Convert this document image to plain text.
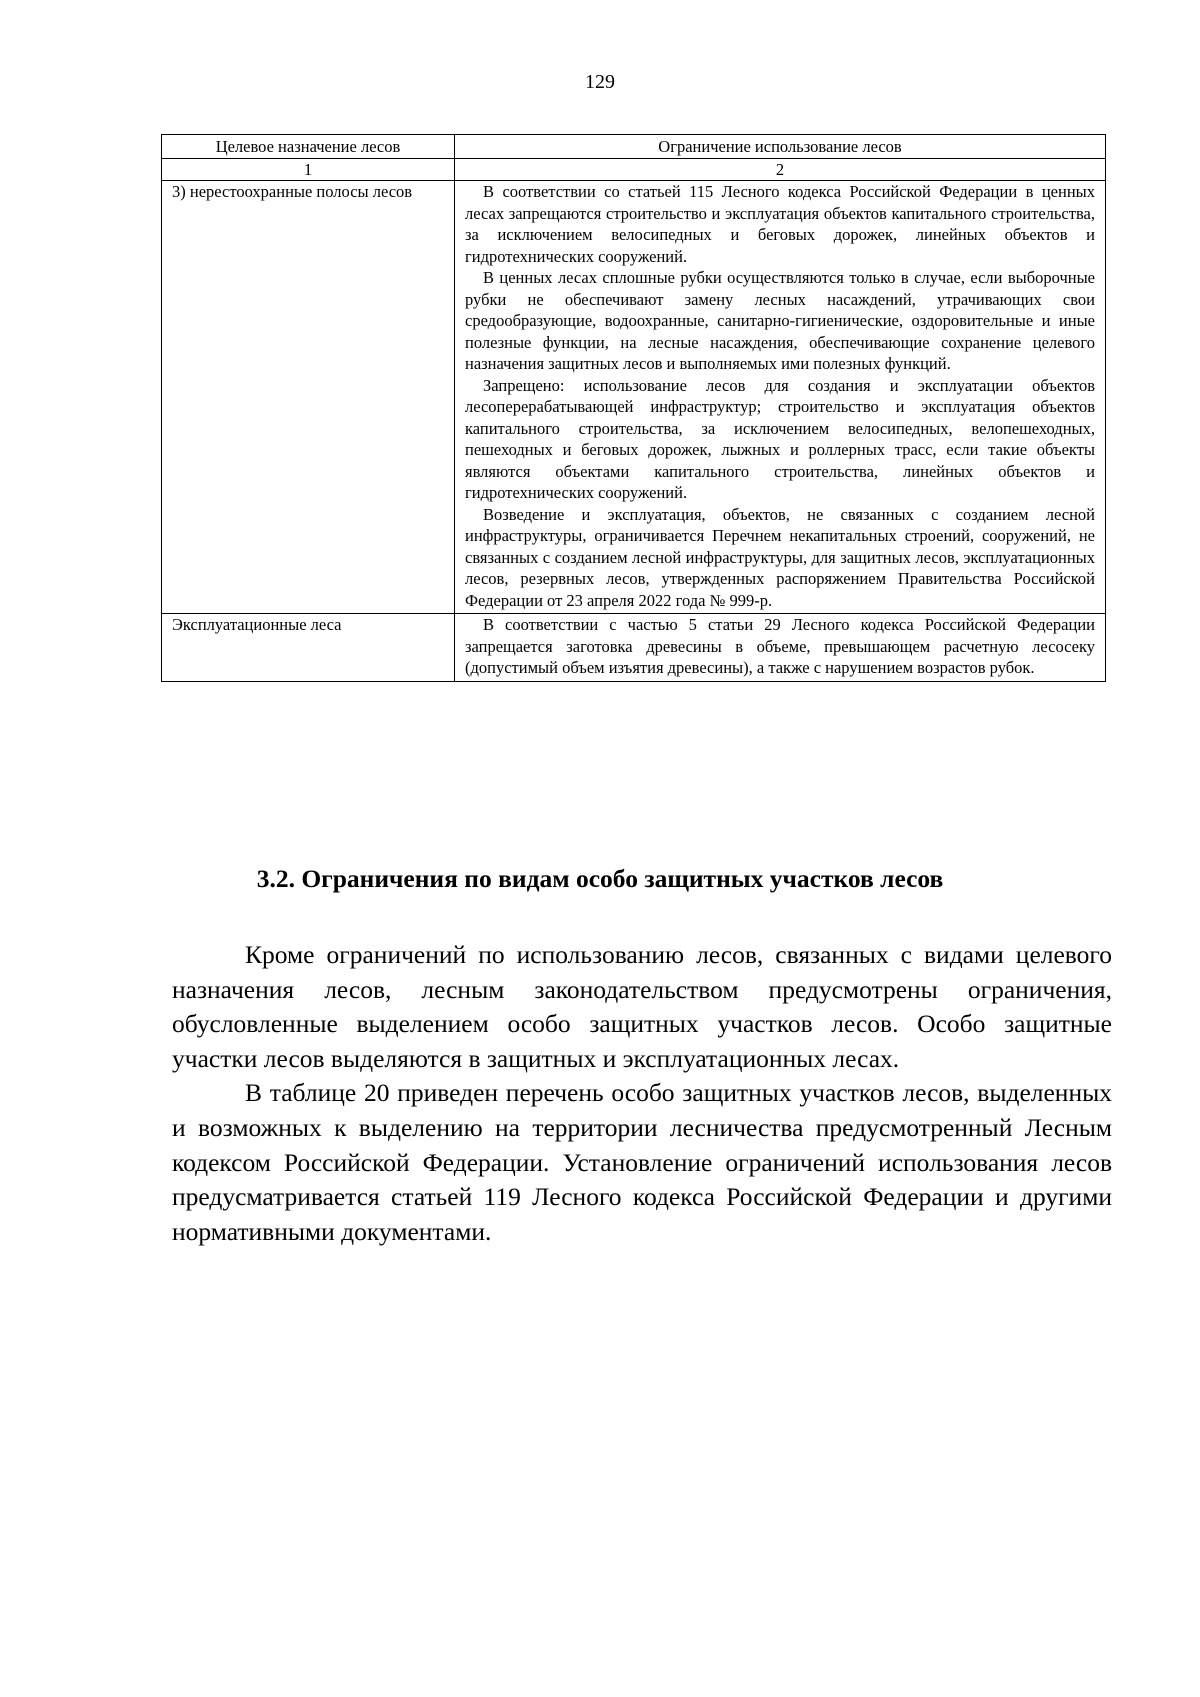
129
Целевое назначение лесов	Ограничение использование лесов
1	2
3) нерестоохранные полосы лесов	В соответствии со статьей 115 Лесного кодекса Российской Федерации в ценных лесах запрещаются строительство и эксплуатация объектов капитального строительства, за исключением велосипедных и беговых дорожек, линейных объектов и гидротехнических сооружений.

В ценных лесах сплошные рубки осуществляются только в случае, если выборочные рубки не обеспечивают замену лесных насаждений, утрачивающих свои средообразующие, водоохранные, санитарно-гигиенические, оздоровительные и иные полезные функции, на лесные насаждения, обеспечивающие сохранение целевого назначения защитных лесов и выполняемых ими полезных функций.

Запрещено: использование лесов для создания и эксплуатации объектов лесоперерабатывающей инфраструктур; строительство и эксплуатация объектов капитального строительства, за исключением велосипедных, велопешеходных, пешеходных и беговых дорожек, лыжных и роллерных трасс, если такие объекты являются объектами капитального строительства, линейных объектов и гидротехнических сооружений.

Возведение и эксплуатация, объектов, не связанных с созданием лесной инфраструктуры, ограничивается Перечнем некапитальных строений, сооружений, не связанных с созданием лесной инфраструктуры, для защитных лесов, эксплуатационных лесов, резервных лесов, утвержденных распоряжением Правительства Российской Федерации от 23 апреля 2022 года № 999-р.

Эксплуатационные леса	В соответствии с частью 5 статьи 29 Лесного кодекса Российской Федерации запрещается заготовка древесины в объеме, превышающем расчетную лесосеку (допустимый объем изъятия древесины), а также с нарушением возрастов рубок.

3.2. Ограничения по видам особо защитных участков лесов

Кроме ограничений по использованию лесов, связанных с видами целевого назначения лесов, лесным законодательством предусмотрены ограничения, обусловленные выделением особо защитных участков лесов. Особо защитные участки лесов выделяются в защитных и эксплуатационных лесах.

В таблице 20 приведен перечень особо защитных участков лесов, выделенных и возможных к выделению на территории лесничества предусмотренный Лесным кодексом Российской Федерации. Установление ограничений использования лесов предусматривается статьей 119 Лесного кодекса Российской Федерации и другими нормативными документами.
